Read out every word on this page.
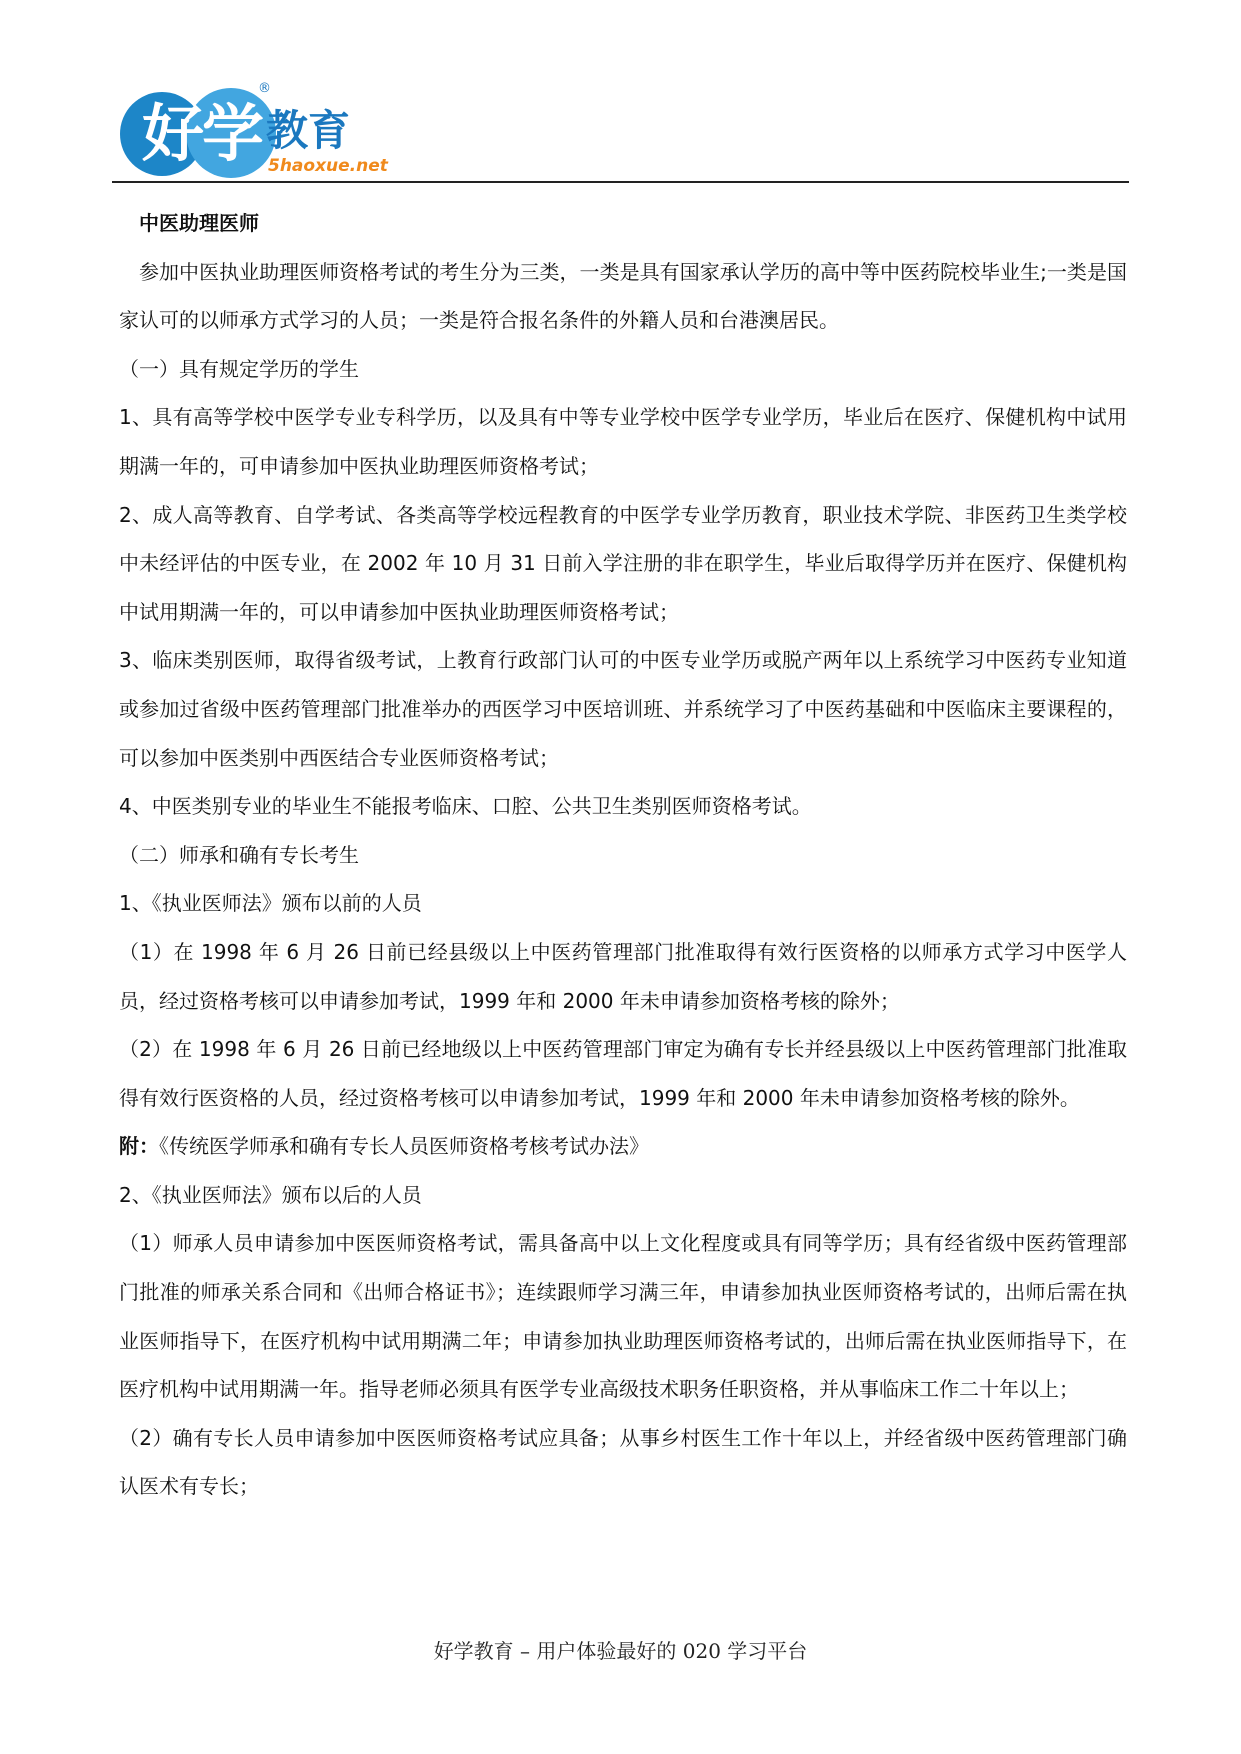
好学
®
教育
5haoxue.net

中医助理医师

参加中医执业助理医师资格考试的考生分为三类，一类是具有国家承认学历的高中等中医药院校毕业生;一类是国家认可的以师承方式学习的人员；一类是符合报名条件的外籍人员和台港澳居民。

（一）具有规定学历的学生

1、具有高等学校中医学专业专科学历，以及具有中等专业学校中医学专业学历，毕业后在医疗、保健机构中试用期满一年的，可申请参加中医执业助理医师资格考试；

2、成人高等教育、自学考试、各类高等学校远程教育的中医学专业学历教育，职业技术学院、非医药卫生类学校中未经评估的中医专业，在 2002 年 10 月 31 日前入学注册的非在职学生，毕业后取得学历并在医疗、保健机构中试用期满一年的，可以申请参加中医执业助理医师资格考试；

3、临床类别医师，取得省级考试，上教育行政部门认可的中医专业学历或脱产两年以上系统学习中医药专业知道或参加过省级中医药管理部门批准举办的西医学习中医培训班、并系统学习了中医药基础和中医临床主要课程的，可以参加中医类别中西医结合专业医师资格考试；

4、中医类别专业的毕业生不能报考临床、口腔、公共卫生类别医师资格考试。

（二）师承和确有专长考生

1、《执业医师法》颁布以前的人员

（1）在 1998 年 6 月 26 日前已经县级以上中医药管理部门批准取得有效行医资格的以师承方式学习中医学人员，经过资格考核可以申请参加考试，1999 年和 2000 年未申请参加资格考核的除外；

（2）在 1998 年 6 月 26 日前已经地级以上中医药管理部门审定为确有专长并经县级以上中医药管理部门批准取得有效行医资格的人员，经过资格考核可以申请参加考试，1999 年和 2000 年未申请参加资格考核的除外。

附：《传统医学师承和确有专长人员医师资格考核考试办法》

2、《执业医师法》颁布以后的人员

（1）师承人员申请参加中医医师资格考试，需具备高中以上文化程度或具有同等学历；具有经省级中医药管理部门批准的师承关系合同和《出师合格证书》；连续跟师学习满三年，申请参加执业医师资格考试的，出师后需在执业医师指导下，在医疗机构中试用期满二年；申请参加执业助理医师资格考试的，出师后需在执业医师指导下，在医疗机构中试用期满一年。指导老师必须具有医学专业高级技术职务任职资格，并从事临床工作二十年以上；

（2）确有专长人员申请参加中医医师资格考试应具备；从事乡村医生工作十年以上，并经省级中医药管理部门确认医术有专长；

好学教育 – 用户体验最好的 020 学习平台
